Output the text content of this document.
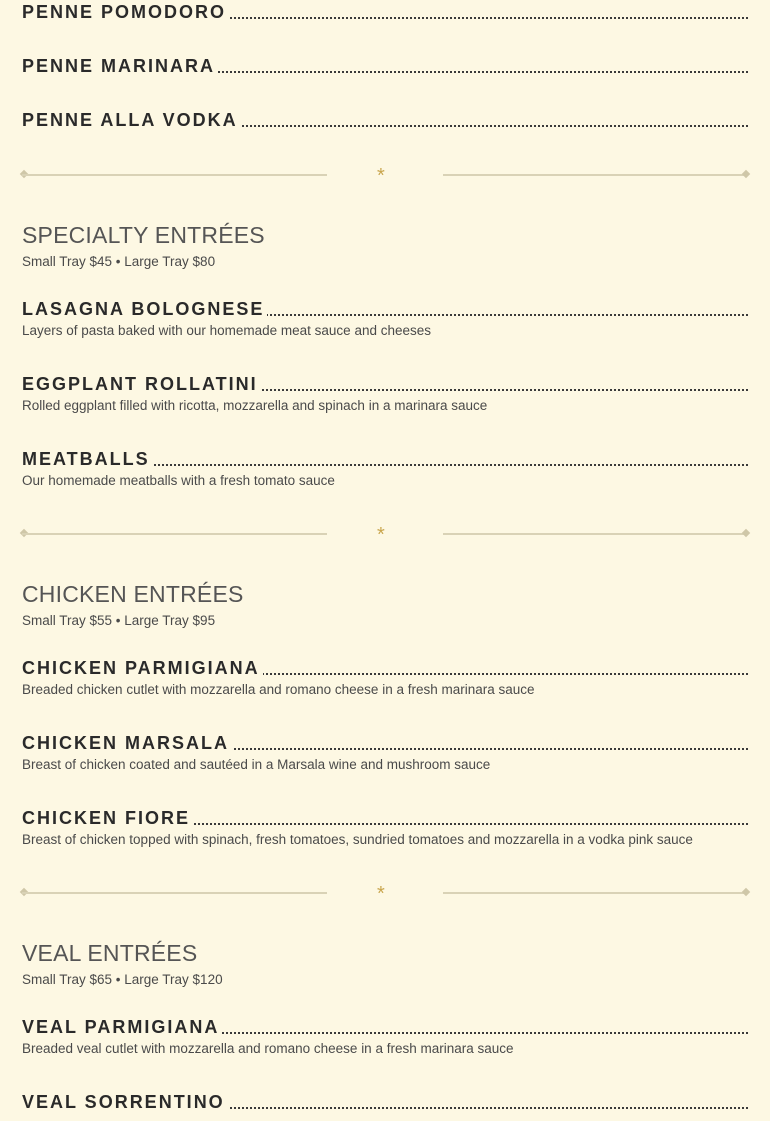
PENNE POMODORO
PENNE MARINARA
PENNE ALLA VODKA
*
SPECIALTY ENTRÉES
Small Tray $45 • Large Tray $80
LASAGNA BOLOGNESE
Layers of pasta baked with our homemade meat sauce and cheeses
EGGPLANT ROLLATINI
Rolled eggplant filled with ricotta, mozzarella and spinach in a marinara sauce
MEATBALLS
Our homemade meatballs with a fresh tomato sauce
*
CHICKEN ENTRÉES
Small Tray $55 • Large Tray $95
CHICKEN PARMIGIANA
Breaded chicken cutlet with mozzarella and romano cheese in a fresh marinara sauce
CHICKEN MARSALA
Breast of chicken coated and sautéed in a Marsala wine and mushroom sauce
CHICKEN FIORE
Breast of chicken topped with spinach, fresh tomatoes, sundried tomatoes and mozzarella in a vodka pink sauce
*
VEAL ENTRÉES
Small Tray $65 • Large Tray $120
VEAL PARMIGIANA
Breaded veal cutlet with mozzarella and romano cheese in a fresh marinara sauce
VEAL SORRENTINO
